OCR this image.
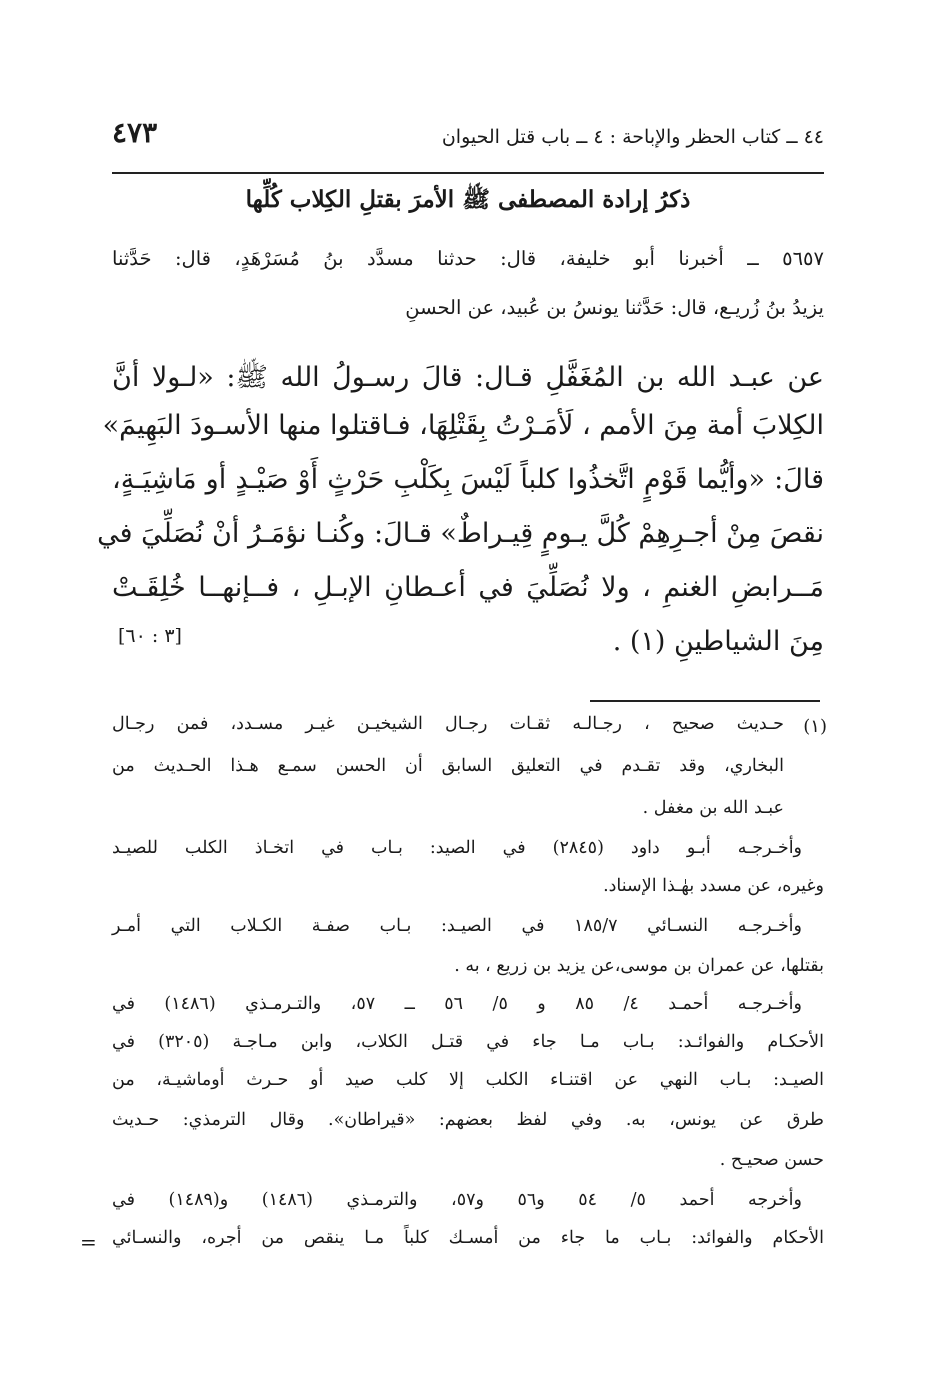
٤٧٣	٤٤ ــ كتاب الحظر والإباحة : ٤ ــ باب قتل الحيوان
ذكرُ إرادة المصطفى ﷺ الأمرَ بقتلِ الكِلاب كُلِّها
٥٦٥٧ ــ أخبرنا أبو خليفة، قال: حدثنا مسدَّد بنُ مُسَرْهَدٍ، قال: حَدَّثنا
يزيدُ بنُ زُريـع، قال: حَدَّثنا يونسُ بن عُبيد، عن الحسنِ
عن عبـد الله بن المُغَفَّلِ قـال: قالَ رسـولُ الله ﷺ: «لـولا أنَّ
الكِلابَ أمة مِنَ الأمم ، لَأمَـرْتُ بِقَتْلِهَا، فـاقتلوا منها الأسـودَ البَهِيمَ»
قالَ: «وأيُّما قَوْمٍ اتَّخذُوا كلباً لَيْسَ بِكَلْبِ حَرْثٍ أَوْ صَيْـدٍ أو مَاشِيَـةٍ،
نقصَ مِنْ أجـرِهِمْ كُلَّ يـومٍ قِيـراطٌ» قـالَ: وكُنـا نؤمَـرُ أنْ نُصَلِّيَ في
مَــرابضِ الغنمِ ، ولا نُصَلِّيَ في أعـطانِ الإبـلِ ، فــإنهــا خُلِقَـتْ
مِنَ الشياطينِ (١) .
[٣ : ٦٠]
(١)
حـديث صحيح ، رجـالـه ثقـات رجـال الشيخيـن غيـر مسـدد، فمن رجـال
البخاري، وقد تقـدم في التعليق السابق أن الحسن سمـع هـذا الحـديث من
عبـد الله بن مغفل .
وأخـرجـه أبـو داود (٢٨٤٥) في الصيد: بـاب في اتخـاذ الكلب للصيـد
وغيره، عن مسدد بهٰـذا الإسناد.
وأخـرجـه النسـائي ١٨٥/٧ في الصيـد: بـاب صفـة الكـلاب التي أمـر
بقتلها، عن عمران بن موسى،عن يزيد بن زريع ، به .
وأخـرجـه أحمـد ٤/ ٨٥ و ٥/ ٥٦ ــ ٥٧، والتـرمـذي (١٤٨٦) في
الأحكـام والفوائـد: بـاب مـا جاء في قتـل الكلاب، وابن مـاجـة (٣٢٠٥) في
الصيـد: بـاب النهي عن اقتنـاء الكلب إلا كلب صيد أو حـرث أوماشيـة، من
طرق عن يونس، به. وفي لفظ بعضهم: «قيراطان». وقال الترمذي: حـديث
حسن صحيـح .
وأخرجه أحمد ٥/ ٥٤ و٥٦ و٥٧، والترمـذي (١٤٨٦) و(١٤٨٩) في
الأحكام والفوائد: بـاب ما جاء من أمسـك كلباً مـا ينقص من أجره، والنسـائي
=
